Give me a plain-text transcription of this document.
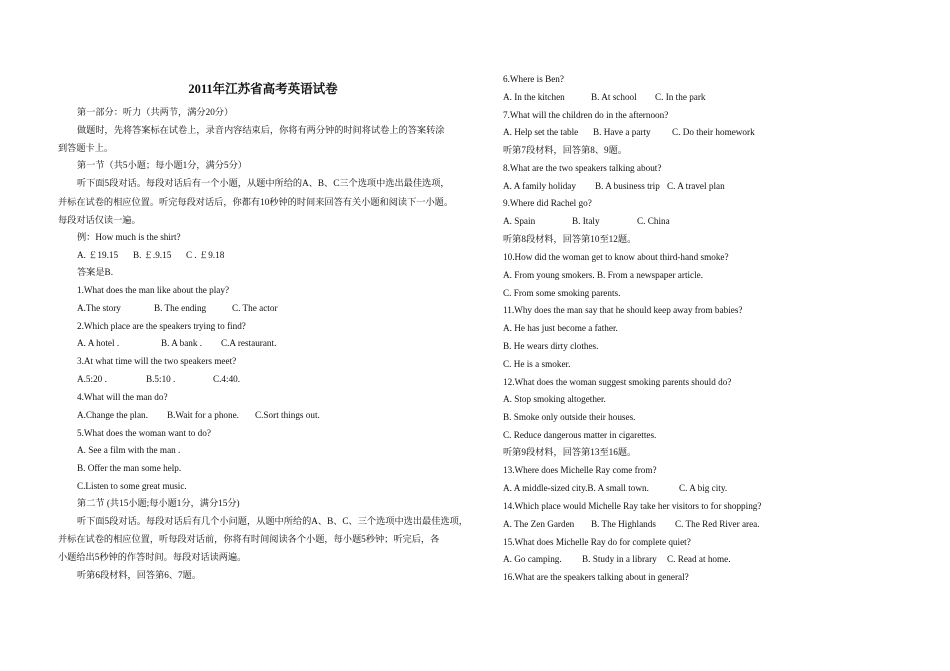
2011年江苏省高考英语试卷
第一部分：听力（共两节，满分20分）
做题时，先将答案标在试卷上，录音内容结束后，你将有两分钟的时间将试卷上的答案转涂
到答题卡上。
第一节（共5小题；每小题1分，满分5分）
听下面5段对话。每段对话后有一个小题，从题中所给的A、B、C三个选项中选出最佳选项，
并标在试卷的相应位置。听完每段对话后，你都有10秒钟的时间来回答有关小题和阅读下一小题。
每段对话仅读一遍。
例：How much is the shirt?
A. ￡19.15 B. ￡.9.15 C . ￡9.18
答案是B.
1.What does the man like about the play?
A.The story	B. The ending	C. The actor
2.Which place are the speakers trying to find?
A. A hotel .	B. A bank . C.A restaurant.
3.At what time will the two speakers meet?
A.5:20 .	B.5:10 .	C.4:40.
4.What will the man do?
A.Change the plan. B.Wait for a phone. C.Sort things out.
5.What does the woman want to do?
A. See a film with the man .
B. Offer the man some help.
C.Listen to some great music.
第二节 (共15小题;每小题1分，满分15分)
听下面5段对话。每段对话后有几个小问题，从题中所给的A、B、C、三个选项中选出最佳选项，
并标在试卷的相应位置，听每段对话前，你将有时间阅读各个小题，每小题5秒钟；听完后，各
小题给出5秒钟的作答时间。每段对话读两遍。
听第6段材料，回答第6、7题。
6.Where is Ben?
A. In the kitchen	B. At school C. In the park
7.What will the children do in the afternoon?
A. Help set the table B. Have a party C. Do their homework
听第7段材料，回答第8、9题。
8.What are the two speakers talking about?
A. A family holiday B. A business trip C. A travel plan
9.Where did Rachel go?
A. Spain	B. Italy	C. China
听第8段材料，回答第10至12题。
10.How did the woman get to know about third-hand smoke?
A. From young smokers. B. From a newspaper article.
C. From some smoking parents.
11.Why does the man say that he should keep away from babies?
A. He has just become a father.
B. He wears dirty clothes.
C. He is a smoker.
12.What does the woman suggest smoking parents should do?
A. Stop smoking altogether.
B. Smoke only outside their houses.
C. Reduce dangerous matter in cigarettes.
听第9段材料，回答第13至16题。
13.Where does Michelle Ray come from?
A. A middle-sized city.B. A small town.	C. A big city.
14.Which place would Michelle Ray take her visitors to for shopping?
A. The Zen Garden B. The Highlands C. The Red River area.
15.What does Michelle Ray do for complete quiet?
A. Go camping. B. Study in a library C. Read at home.
16.What are the speakers talking about in general?
